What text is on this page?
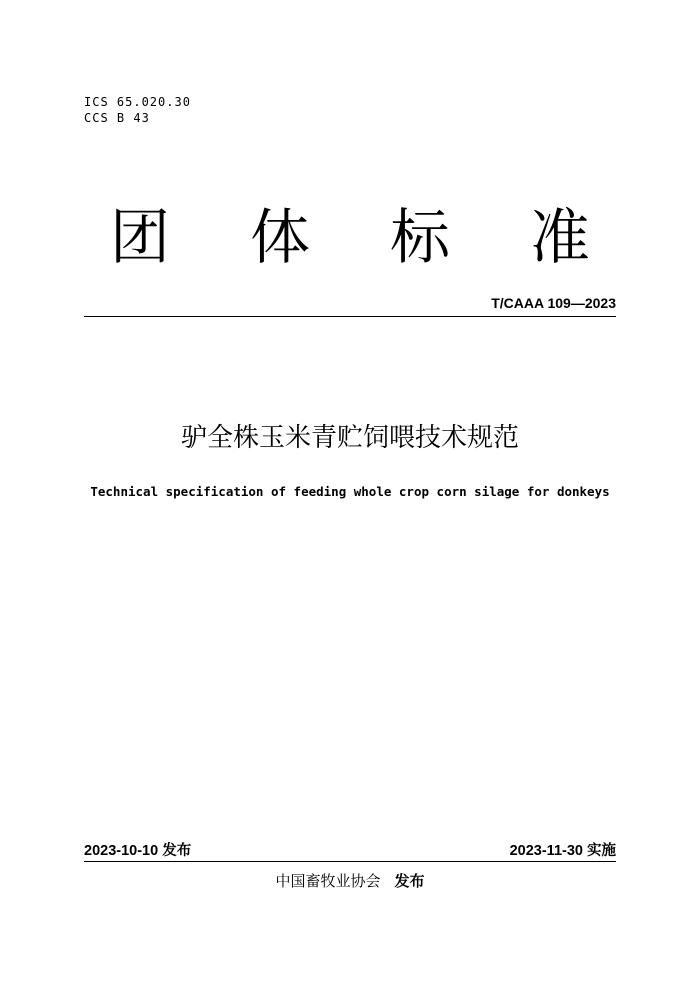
ICS 65.020.30
CCS B 43
团 体 标 准
T/CAAA 109—2023
驴全株玉米青贮饲喂技术规范
Technical specification of feeding whole crop corn silage for donkeys
2023-10-10 发布	2023-11-30 实施
中国畜牧业协会 发布
